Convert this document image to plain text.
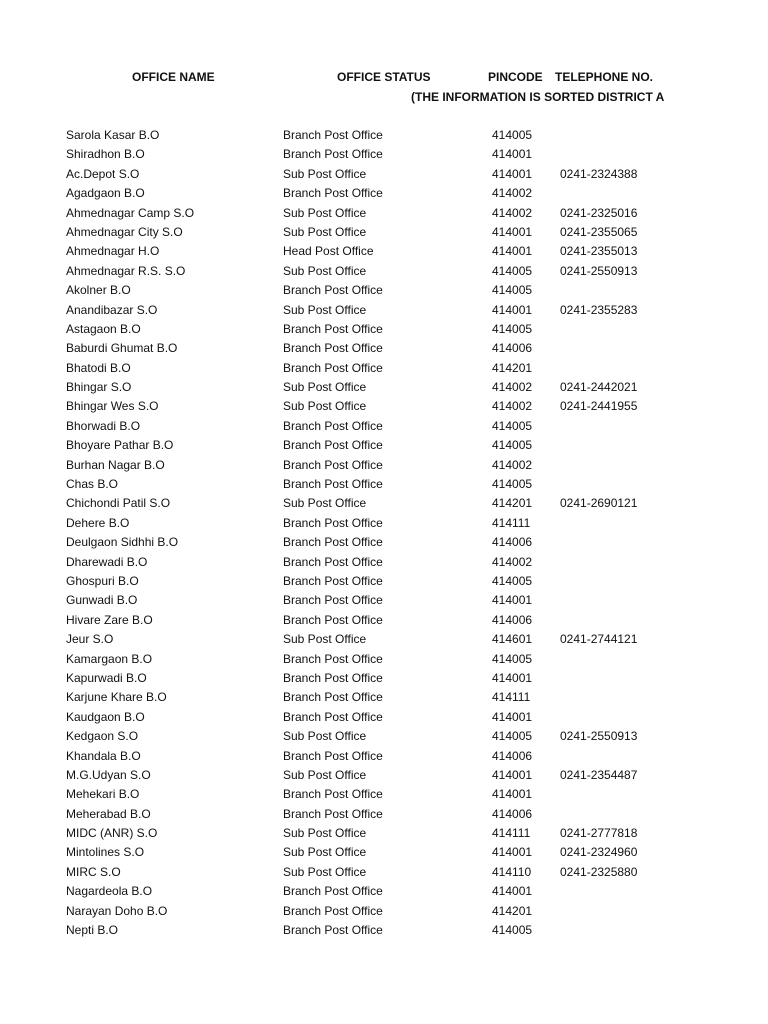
OFFICE NAME	OFFICE STATUS	PINCODE TELEPHONE NO.
(THE INFORMATION IS SORTED DISTRICT A
Sarola Kasar B.O	Branch Post Office	414005
Shiradhon B.O	Branch Post Office	414001
Ac.Depot S.O	Sub Post Office	414001 0241-2324388
Agadgaon B.O	Branch Post Office	414002
Ahmednagar Camp S.O	Sub Post Office	414002 0241-2325016
Ahmednagar City S.O	Sub Post Office	414001 0241-2355065
Ahmednagar H.O	Head Post Office	414001 0241-2355013
Ahmednagar R.S. S.O	Sub Post Office	414005 0241-2550913
Akolner B.O	Branch Post Office	414005
Anandibazar S.O	Sub Post Office	414001 0241-2355283
Astagaon B.O	Branch Post Office	414005
Baburdi Ghumat B.O	Branch Post Office	414006
Bhatodi B.O	Branch Post Office	414201
Bhingar S.O	Sub Post Office	414002 0241-2442021
Bhingar Wes S.O	Sub Post Office	414002 0241-2441955
Bhorwadi B.O	Branch Post Office	414005
Bhoyare Pathar B.O	Branch Post Office	414005
Burhan Nagar B.O	Branch Post Office	414002
Chas B.O	Branch Post Office	414005
Chichondi Patil S.O	Sub Post Office	414201 0241-2690121
Dehere B.O	Branch Post Office	414111
Deulgaon Sidhhi B.O	Branch Post Office	414006
Dharewadi B.O	Branch Post Office	414002
Ghospuri B.O	Branch Post Office	414005
Gunwadi B.O	Branch Post Office	414001
Hivare Zare B.O	Branch Post Office	414006
Jeur S.O	Sub Post Office	414601 0241-2744121
Kamargaon B.O	Branch Post Office	414005
Kapurwadi B.O	Branch Post Office	414001
Karjune Khare B.O	Branch Post Office	414111
Kaudgaon B.O	Branch Post Office	414001
Kedgaon S.O	Sub Post Office	414005 0241-2550913
Khandala B.O	Branch Post Office	414006
M.G.Udyan S.O	Sub Post Office	414001 0241-2354487
Mehekari B.O	Branch Post Office	414001
Meherabad B.O	Branch Post Office	414006
MIDC (ANR) S.O	Sub Post Office	414111 0241-2777818
Mintolines S.O	Sub Post Office	414001 0241-2324960
MIRC S.O	Sub Post Office	414110 0241-2325880
Nagardeola B.O	Branch Post Office	414001
Narayan Doho B.O	Branch Post Office	414201
Nepti B.O	Branch Post Office	414005
